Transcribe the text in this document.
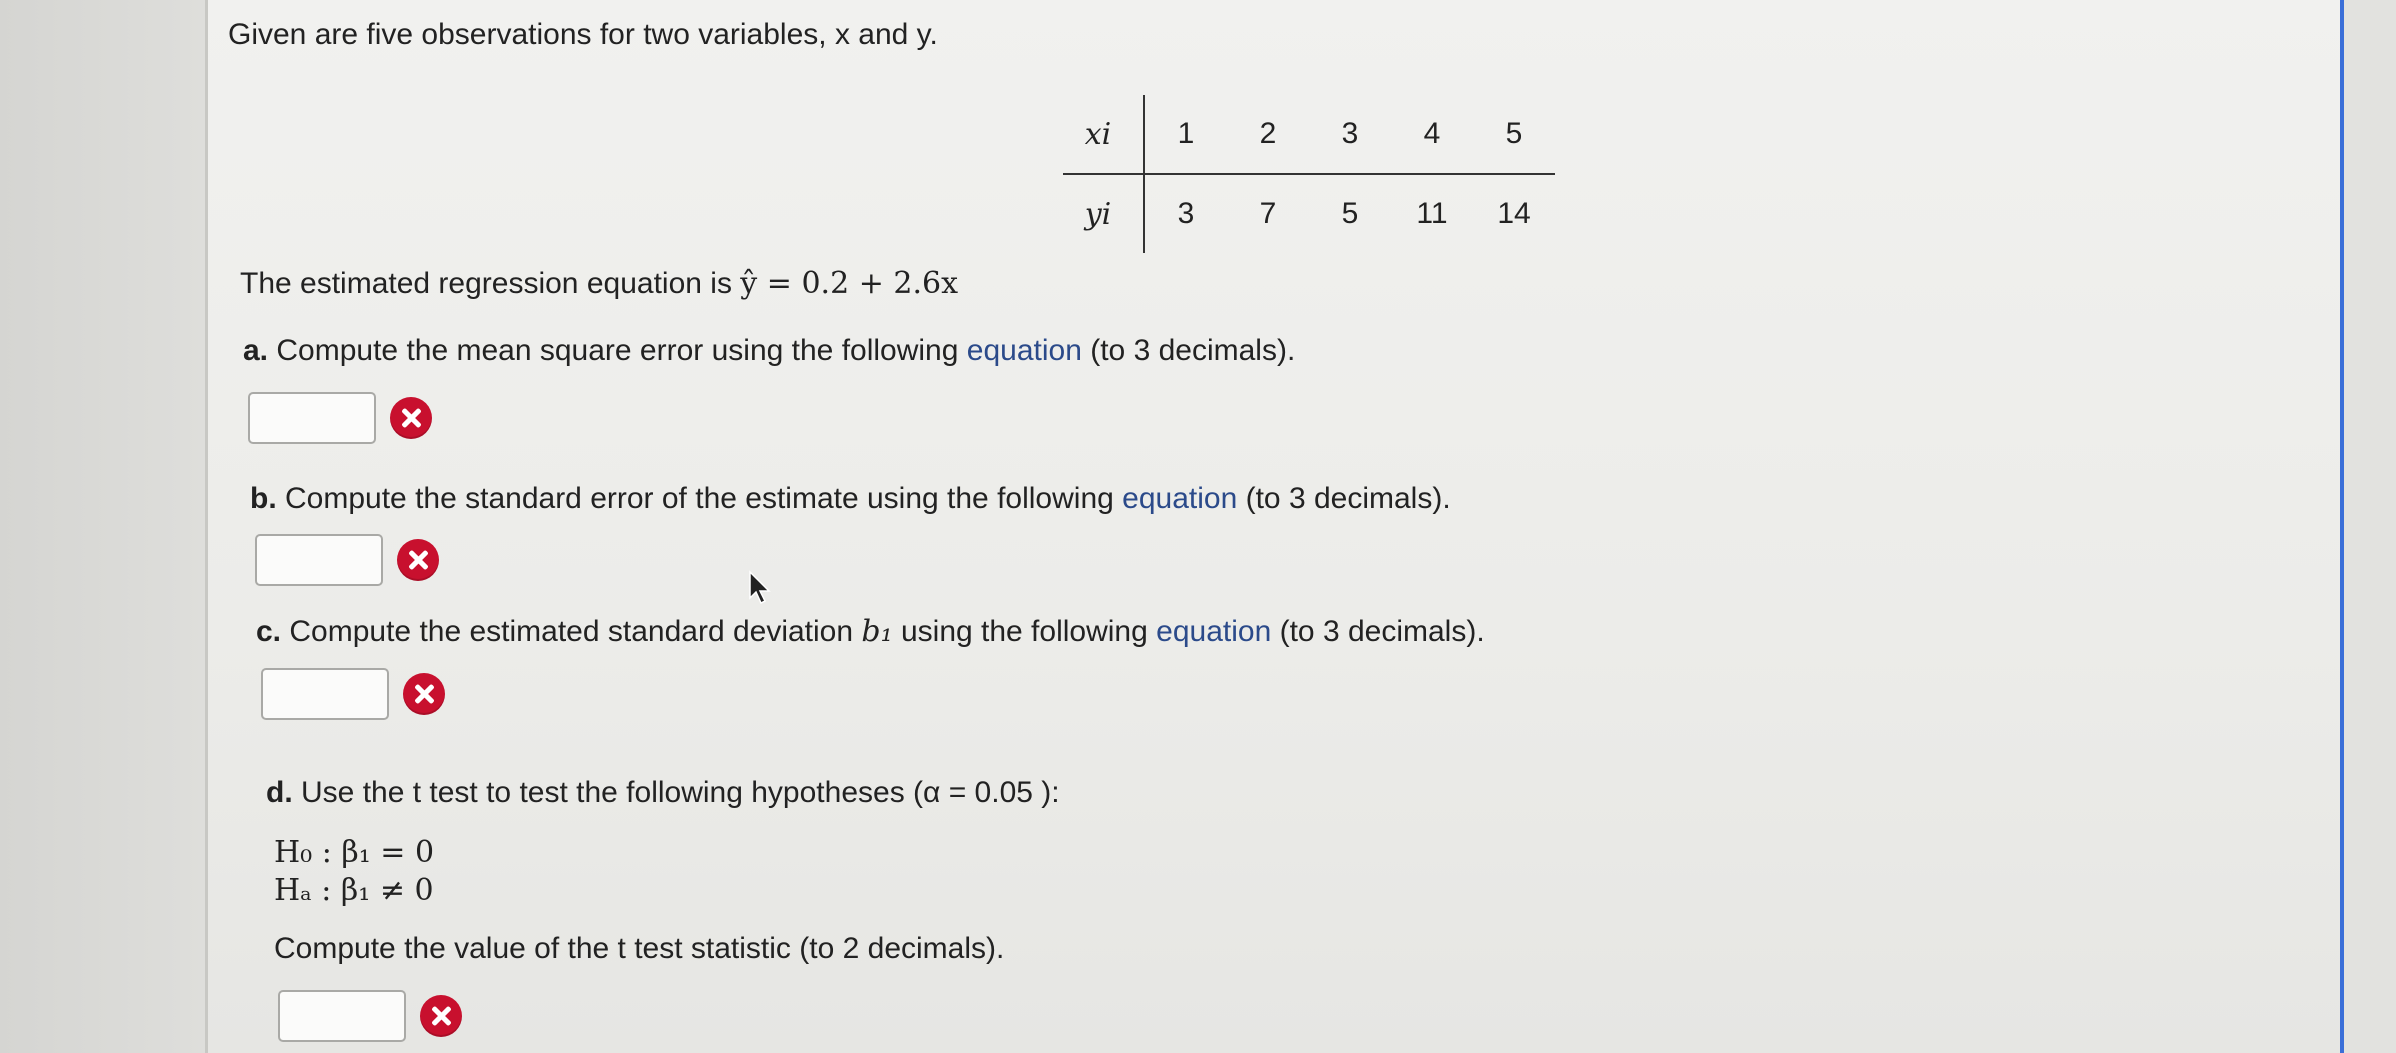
Given are five observations for two variables, x and y.
xi	1	2	3	4	5
yi	3	7	5	11	14
The estimated regression equation is ŷ = 0.2 + 2.6x
a. Compute the mean square error using the following equation (to 3 decimals).
b. Compute the standard error of the estimate using the following equation (to 3 decimals).
c. Compute the estimated standard deviation b₁ using the following equation (to 3 decimals).
d. Use the t test to test the following hypotheses (α = 0.05 ):
H₀ : β₁ = 0
Hₐ : β₁ ≠ 0
Compute the value of the t test statistic (to 2 decimals).
